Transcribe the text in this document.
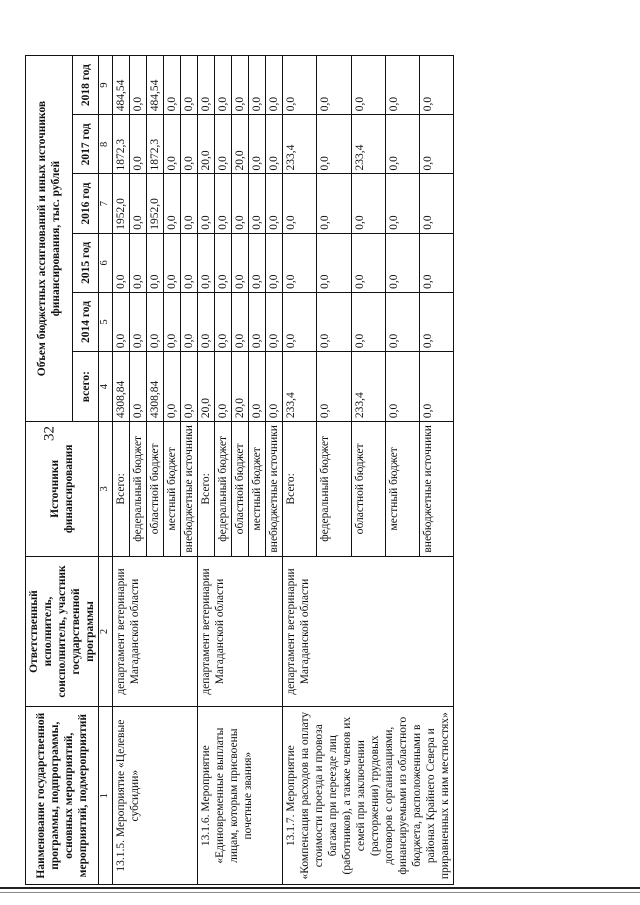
32
Наименование государственной программы, подпрограммы, основных мероприятий, мероприятий, подмероприятий	Ответственный исполнитель, соисполнитель, участник государственной программы	Источники финансирования	Объем бюджетных ассигнований и иных источников финансирования, тыс. рублей					
			всего:	2014 год	2015 год	2016 год	2017 год	2018 год
1	2	3	4	5	6	7	8	9
13.1.5. Мероприятие «Целевые субсидии»	департамент ветеринарии Магаданской области	Всего:	4308,84	0,0	0,0	1952,0	1872,3	484,54
		федеральный бюджет	0,0	0,0	0,0	0,0	0,0	0,0
		областной бюджет	4308,84	0,0	0,0	1952,0	1872,3	484,54
		местный бюджет	0,0	0,0	0,0	0,0	0,0	0,0
		внебюджетные источники	0,0	0,0	0,0	0,0	0,0	0,0
13.1.6. Мероприятие «Единовременные выплаты лицам, которым присвоены почетные звания»	департамент ветеринарии Магаданской области	Всего:	20,0	0,0	0,0	0,0	20,0	0,0
		федеральный бюджет	0,0	0,0	0,0	0,0	0,0	0,0
		областной бюджет	20,0	0,0	0,0	0,0	20,0	0,0
		местный бюджет	0,0	0,0	0,0	0,0	0,0	0,0
		внебюджетные источники	0,0	0,0	0,0	0,0	0,0	0,0
13.1.7. Мероприятие «Компенсация расходов на оплату стоимости проезда и провоза багажа при переезде лиц (работников), а также членов их семей при заключении (расторжении) трудовых договоров с организациями, финансируемыми из областного бюджета, расположенными в районах Крайнего Севера и приравненных к ним местностях»	департамент ветеринарии Магаданской области	Всего:	233,4	0,0	0,0	0,0	233,4	0,0
		федеральный бюджет	0,0	0,0	0,0	0,0	0,0	0,0
		областной бюджет	233,4	0,0	0,0	0,0	233,4	0,0
		местный бюджет	0,0	0,0	0,0	0,0	0,0	0,0
		внебюджетные источники	0,0	0,0	0,0	0,0	0,0	0,0
